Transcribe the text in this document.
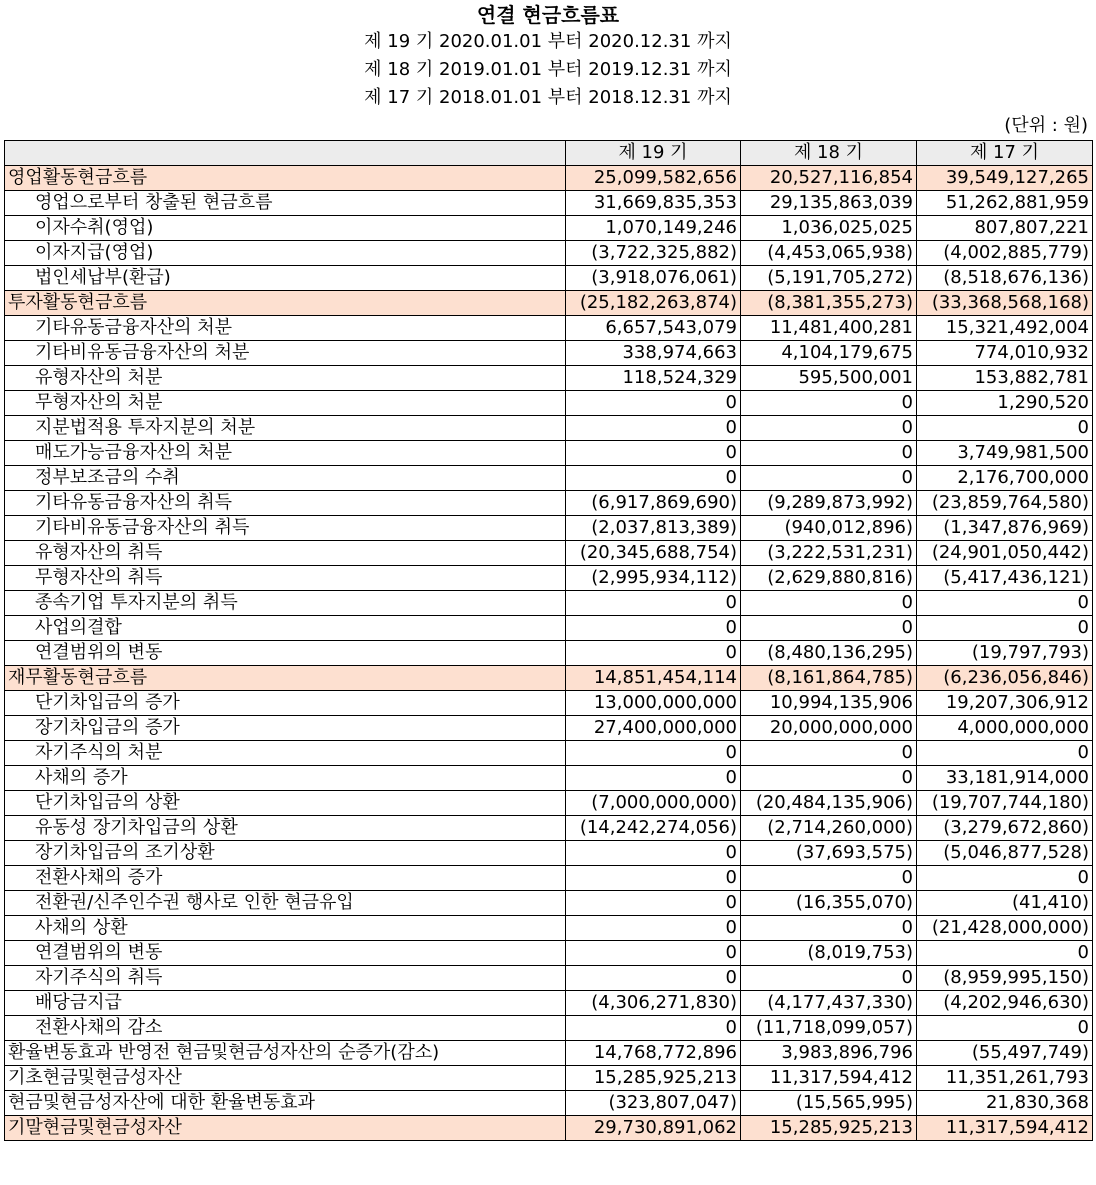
연결 현금흐름표
제 19 기 2020.01.01 부터 2020.12.31 까지
제 18 기 2019.01.01 부터 2019.12.31 까지
제 17 기 2018.01.01 부터 2018.12.31 까지
(단위 : 원)
	제 19 기	제 18 기	제 17 기
영업활동현금흐름	25,099,582,656	20,527,116,854	39,549,127,265
영업으로부터 창출된 현금흐름	31,669,835,353	29,135,863,039	51,262,881,959
이자수취(영업)	1,070,149,246	1,036,025,025	807,807,221
이자지급(영업)	(3,722,325,882)	(4,453,065,938)	(4,002,885,779)
법인세납부(환급)	(3,918,076,061)	(5,191,705,272)	(8,518,676,136)
투자활동현금흐름	(25,182,263,874)	(8,381,355,273)	(33,368,568,168)
기타유동금융자산의 처분	6,657,543,079	11,481,400,281	15,321,492,004
기타비유동금융자산의 처분	338,974,663	4,104,179,675	774,010,932
유형자산의 처분	118,524,329	595,500,001	153,882,781
무형자산의 처분	0	0	1,290,520
지분법적용 투자지분의 처분	0	0	0
매도가능금융자산의 처분	0	0	3,749,981,500
정부보조금의 수취	0	0	2,176,700,000
기타유동금융자산의 취득	(6,917,869,690)	(9,289,873,992)	(23,859,764,580)
기타비유동금융자산의 취득	(2,037,813,389)	(940,012,896)	(1,347,876,969)
유형자산의 취득	(20,345,688,754)	(3,222,531,231)	(24,901,050,442)
무형자산의 취득	(2,995,934,112)	(2,629,880,816)	(5,417,436,121)
종속기업 투자지분의 취득	0	0	0
사업의결합	0	0	0
연결범위의 변동	0	(8,480,136,295)	(19,797,793)
재무활동현금흐름	14,851,454,114	(8,161,864,785)	(6,236,056,846)
단기차입금의 증가	13,000,000,000	10,994,135,906	19,207,306,912
장기차입금의 증가	27,400,000,000	20,000,000,000	4,000,000,000
자기주식의 처분	0	0	0
사채의 증가	0	0	33,181,914,000
단기차입금의 상환	(7,000,000,000)	(20,484,135,906)	(19,707,744,180)
유동성 장기차입금의 상환	(14,242,274,056)	(2,714,260,000)	(3,279,672,860)
장기차입금의 조기상환	0	(37,693,575)	(5,046,877,528)
전환사채의 증가	0	0	0
전환권/신주인수권 행사로 인한 현금유입	0	(16,355,070)	(41,410)
사채의 상환	0	0	(21,428,000,000)
연결범위의 변동	0	(8,019,753)	0
자기주식의 취득	0	0	(8,959,995,150)
배당금지급	(4,306,271,830)	(4,177,437,330)	(4,202,946,630)
전환사채의 감소	0	(11,718,099,057)	0
환율변동효과 반영전 현금및현금성자산의 순증가(감소)	14,768,772,896	3,983,896,796	(55,497,749)
기초현금및현금성자산	15,285,925,213	11,317,594,412	11,351,261,793
현금및현금성자산에 대한 환율변동효과	(323,807,047)	(15,565,995)	21,830,368
기말현금및현금성자산	29,730,891,062	15,285,925,213	11,317,594,412
